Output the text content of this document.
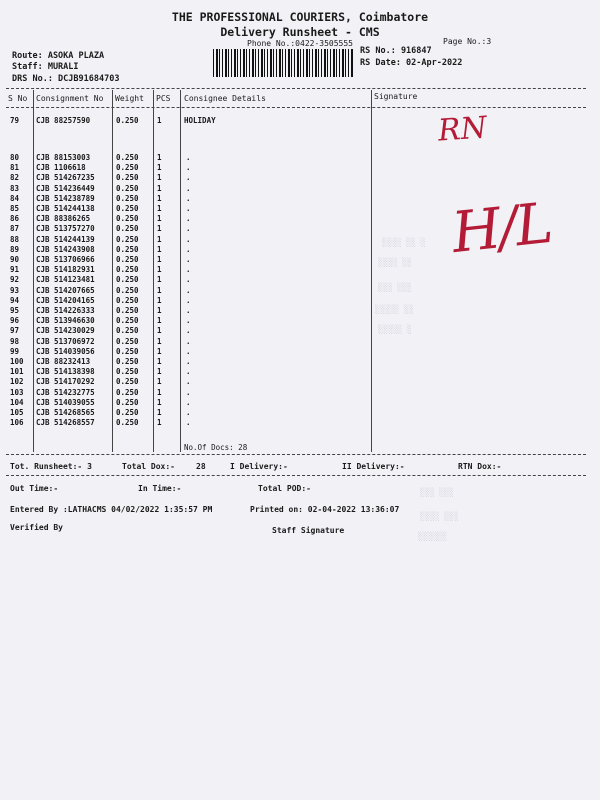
THE PROFESSIONAL COURIERS, Coimbatore
Delivery Runsheet - CMS
Phone No.:0422-3505555	Page No.:3
Route: ASOKA PLAZA
Staff: MURALI
DRS No.: DCJB91684703
RS No.: 916847
RS Date: 02-Apr-2022
S No Consignment No Weight PCS Consignee Details	Signature
79 CJB 88257590	0.250 1	HOLIDAY
80 CJB 88153003	0.250 1	.
81 CJB 1106618	0.250 1	.
82 CJB 514267235	0.250 1	.
83 CJB 514236449	0.250 1	.
84 CJB 514238789	0.250 1	.
85 CJB 514244138	0.250 1	.
86 CJB 88386265	0.250 1	.
87 CJB 513757270	0.250 1	.
88 CJB 514244139	0.250 1	.
89 CJB 514243908	0.250 1	.
90 CJB 513706966	0.250 1	.
91 CJB 514182931	0.250 1	.
92 CJB 514123481	0.250 1	.
93 CJB 514207665	0.250 1	.
94 CJB 514204165	0.250 1	.
95 CJB 514226333	0.250 1	.
96 CJB 513946630	0.250 1	.
97 CJB 514230029	0.250 1	.
98 CJB 513706972	0.250 1	.
99 CJB 514039056	0.250 1	.
100 CJB 88232413	0.250 1	.
101 CJB 514138398	0.250 1	.
102 CJB 514170292	0.250 1	.
103 CJB 514232775	0.250 1	.
104 CJB 514039055	0.250 1	.
105 CJB 514268565	0.250 1	.
106 CJB 514268557	0.250 1	.
No.Of Docs: 28
Tot. Runsheet:- 3	Total Dox:-	28	I Delivery:-	II Delivery:-	RTN Dox:-
Out Time:-	In Time:-	Total POD:-
Entered By :LATHACMS 04/02/2022 1:35:57 PM	Printed on: 02-04-2022 13:36:07
Verified By	Staff Signature
░░░░ ░░ ░
░░░░ ░░
░░░ ░░░
░░░░░ ░░
░░░░░ ░
░░░ ░░░
░░░░ ░░░
░░░░░░
RN
H/L
